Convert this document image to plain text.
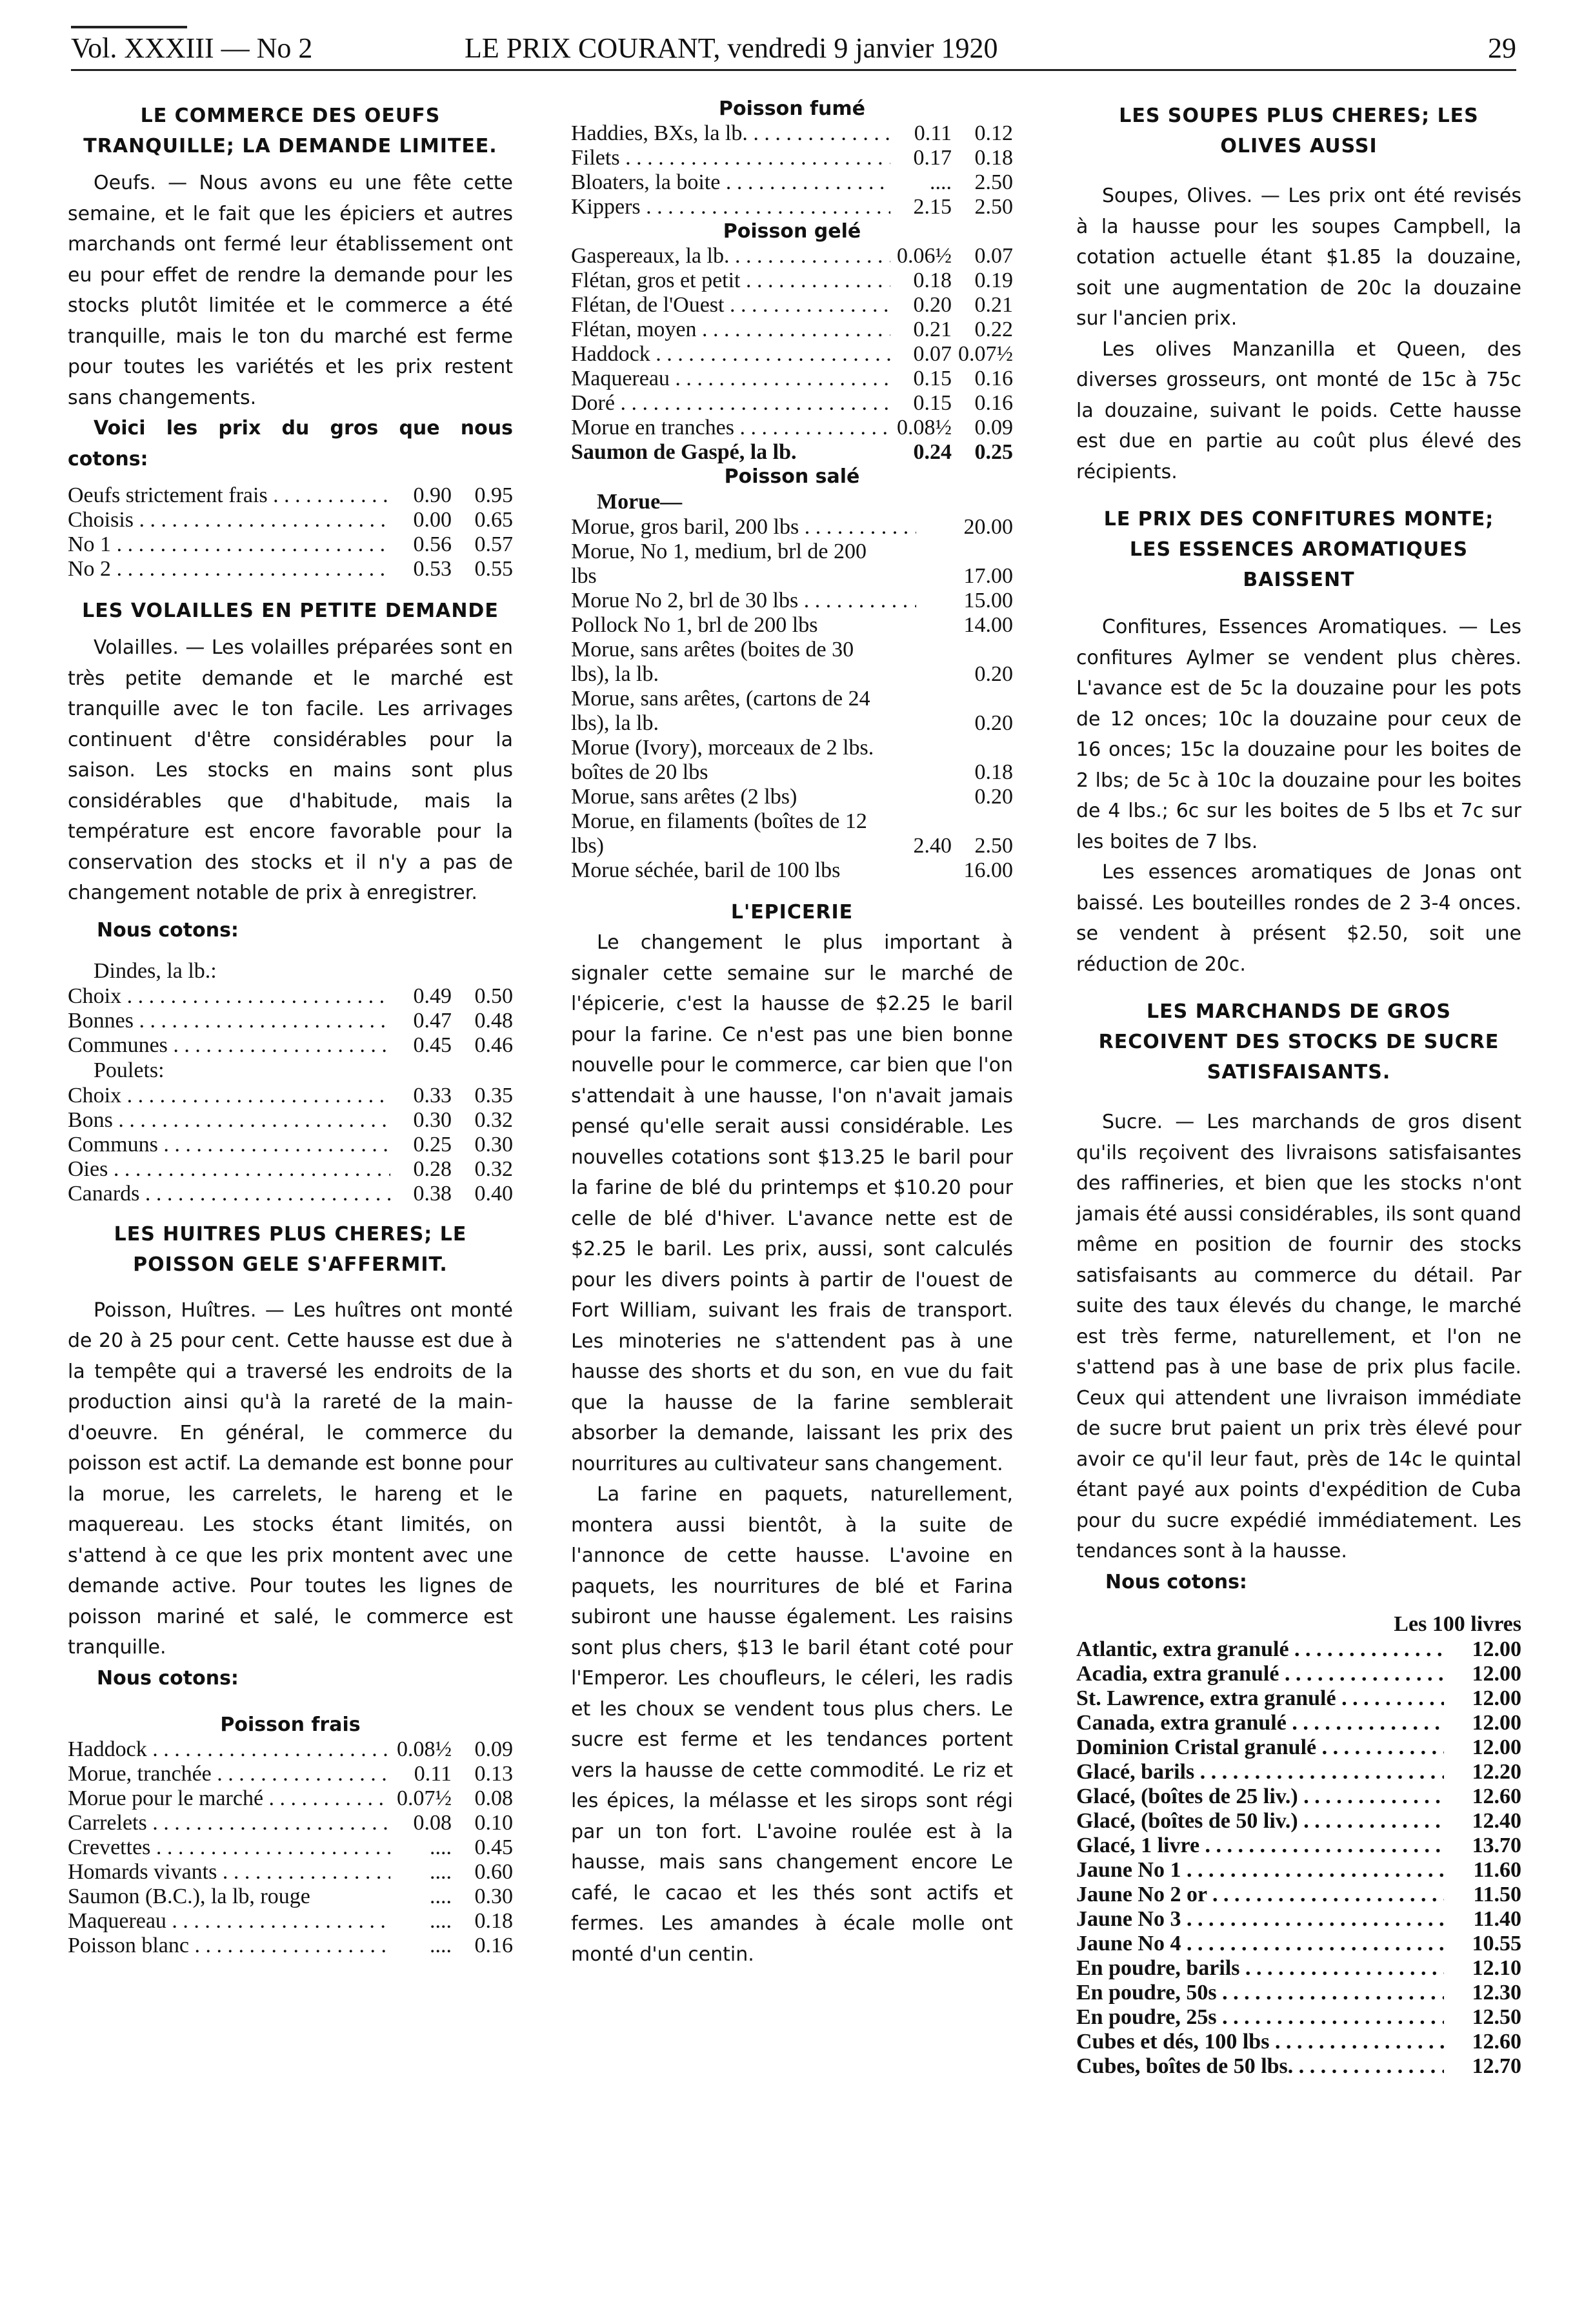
Vol. XXXIII — No 2	LE PRIX COURANT, vendredi 9 janvier 1920	29
LE COMMERCE DES OEUFS TRANQUILLE; LA DEMANDE LIMITEE.
Oeufs. — Nous avons eu une fête cette semaine, et le fait que les épiciers et autres marchands ont fermé leur établissement ont eu pour effet de rendre la demande pour les stocks plutôt limitée et le commerce a été tranquille, mais le ton du marché est ferme pour toutes les variétés et les prix restent sans changements.
Voici les prix du gros que nous cotons:
Oeufs strictement frais . . .	0.90	0.95
Choisis . . .	0.00	0.65
No 1 . . .	0.56	0.57
No 2 . . .	0.53	0.55
LES VOLAILLES EN PETITE DEMANDE
Volailles. — Les volailles préparées sont en très petite demande et le marché est tranquille avec le ton facile. Les arrivages continuent d'être considérables pour la saison. Les stocks en mains sont plus considérables que d'habitude, mais la température est encore favorable pour la conservation des stocks et il n'y a pas de changement notable de prix à enregistrer.
Nous cotons:
Dindes, la lb.:
Choix . . .	0.49	0.50
Bonnes . . .	0.47	0.48
Communes . . .	0.45	0.46
Poulets:
Choix . . .	0.33	0.35
Bons . . .	0.30	0.32
Communs . . .	0.25	0.30
Oies . . .	0.28	0.32
Canards . . .	0.38	0.40
LES HUITRES PLUS CHERES; LE POISSON GELE S'AFFERMIT.
Poisson, Huîtres. — Les huîtres ont monté de 20 à 25 pour cent. Cette hausse est due à la tempête qui a traversé les endroits de la production ainsi qu'à la rareté de la main-d'oeuvre. En général, le commerce du poisson est actif. La demande est bonne pour la morue, les carrelets, le hareng et le maquereau. Les stocks étant limités, on s'attend à ce que les prix montent avec une demande active. Pour toutes les lignes de poisson mariné et salé, le commerce est tranquille.
Nous cotons:
Poisson frais
Haddock . . .	0.08½	0.09
Morue, tranchée . . .	0.11	0.13
Morue pour le marché . . .	0.07½	0.08
Carrelets . . .	0.08	0.10
Crevettes . . .	....	0.45
Homards vivants . . .	....	0.60
Saumon (B.C.), la lb, rouge	....	0.30
Maquereau . . .	....	0.18
Poisson blanc . . .	....	0.16
Poisson fumé
Haddies, BXs, la lb. . . .	0.11	0.12
Filets . . .	0.17	0.18
Bloaters, la boite . . .	....	2.50
Kippers . . .	2.15	2.50
Poisson gelé
Gaspereaux, la lb. . . .	0.06½	0.07
Flétan, gros et petit . . .	0.18	0.19
Flétan, de l'Ouest . . .	0.20	0.21
Flétan, moyen . . .	0.21	0.22
Haddock . . .	0.07 0.07½
Maquereau . . .	0.15	0.16
Doré . . .	0.15	0.16
Morue en tranches . . .	0.08½	0.09
Saumon de Gaspé, la lb.	0.24	0.25
Poisson salé
Morue—
Morue, gros baril, 200 lbs . . .	20.00
Morue, No 1, medium, brl de 200 lbs	17.00
Morue No 2, brl de 30 lbs . . .	15.00
Pollock No 1, brl de 200 lbs	14.00
Morue, sans arêtes (boites de 30 lbs), la lb.	0.20
Morue, sans arêtes, (cartons de 24 lbs), la lb.	0.20
Morue (Ivory), morceaux de 2 lbs. boîtes de 20 lbs	0.18
Morue, sans arêtes (2 lbs)	0.20
Morue, en filaments (boîtes de 12 lbs)	2.40	2.50
Morue séchée, baril de 100 lbs	16.00
L'EPICERIE
Le changement le plus important à signaler cette semaine sur le marché de l'épicerie, c'est la hausse de $2.25 le baril pour la farine. Ce n'est pas une bien bonne nouvelle pour le commerce, car bien que l'on s'attendait à une hausse, l'on n'avait jamais pensé qu'elle serait aussi considérable. Les nouvelles cotations sont $13.25 le baril pour la farine de blé du printemps et $10.20 pour celle de blé d'hiver. L'avance nette est de $2.25 le baril. Les prix, aussi, sont calculés pour les divers points à partir de l'ouest de Fort William, suivant les frais de transport. Les minoteries ne s'attendent pas à une hausse des shorts et du son, en vue du fait que la hausse de la farine semblerait absorber la demande, laissant les prix des nourritures au cultivateur sans changement.
La farine en paquets, naturellement, montera aussi bientôt, à la suite de l'annonce de cette hausse. L'avoine en paquets, les nourritures de blé et Farina subiront une hausse également. Les raisins sont plus chers, $13 le baril étant coté pour l'Emperor. Les choufleurs, le céleri, les radis et les choux se vendent tous plus chers. Le sucre est ferme et les tendances portent vers la hausse de cette commodité. Le riz et les épices, la mélasse et les sirops sont régi par un ton fort. L'avoine roulée est à la hausse, mais sans changement encore Le café, le cacao et les thés sont actifs et fermes. Les amandes à écale molle ont monté d'un centin.
LES SOUPES PLUS CHERES; LES OLIVES AUSSI
Soupes, Olives. — Les prix ont été revisés à la hausse pour les soupes Campbell, la cotation actuelle étant $1.85 la douzaine, soit une augmentation de 20c la douzaine sur l'ancien prix.
Les olives Manzanilla et Queen, des diverses grosseurs, ont monté de 15c à 75c la douzaine, suivant le poids. Cette hausse est due en partie au coût plus élevé des récipients.
LE PRIX DES CONFITURES MONTE; LES ESSENCES AROMATIQUES BAISSENT
Confitures, Essences Aromatiques. — Les confitures Aylmer se vendent plus chères. L'avance est de 5c la douzaine pour les pots de 12 onces; 10c la douzaine pour ceux de 16 onces; 15c la douzaine pour les boites de 2 lbs; de 5c à 10c la douzaine pour les boites de 4 lbs.; 6c sur les boites de 5 lbs et 7c sur les boites de 7 lbs.
Les essences aromatiques de Jonas ont baissé. Les bouteilles rondes de 2 3-4 onces. se vendent à présent $2.50, soit une réduction de 20c.
LES MARCHANDS DE GROS RECOIVENT DES STOCKS DE SUCRE SATISFAISANTS.
Sucre. — Les marchands de gros disent qu'ils reçoivent des livraisons satisfaisantes des raffineries, et bien que les stocks n'ont jamais été aussi considérables, ils sont quand même en position de fournir des stocks satisfaisants au commerce du détail. Par suite des taux élevés du change, le marché est très ferme, naturellement, et l'on ne s'attend pas à une base de prix plus facile. Ceux qui attendent une livraison immédiate de sucre brut paient un prix très élevé pour avoir ce qu'il leur faut, près de 14c le quintal étant payé aux points d'expédition de Cuba pour du sucre expédié immédiatement. Les tendances sont à la hausse.
Nous cotons:
Les 100 livres
Atlantic, extra granulé . . .	12.00
Acadia, extra granulé . . .	12.00
St. Lawrence, extra granulé . . .	12.00
Canada, extra granulé . . .	12.00
Dominion Cristal granulé . . .	12.00
Glacé, barils . . .	12.20
Glacé, (boîtes de 25 liv.) . . .	12.60
Glacé, (boîtes de 50 liv.) . . .	12.40
Glacé, 1 livre . . .	13.70
Jaune No 1 . . .	11.60
Jaune No 2 or . . .	11.50
Jaune No 3 . . .	11.40
Jaune No 4 . . .	10.55
En poudre, barils . . .	12.10
En poudre, 50s . . .	12.30
En poudre, 25s . . .	12.50
Cubes et dés, 100 lbs . . .	12.60
Cubes, boîtes de 50 lbs. . . .	12.70
